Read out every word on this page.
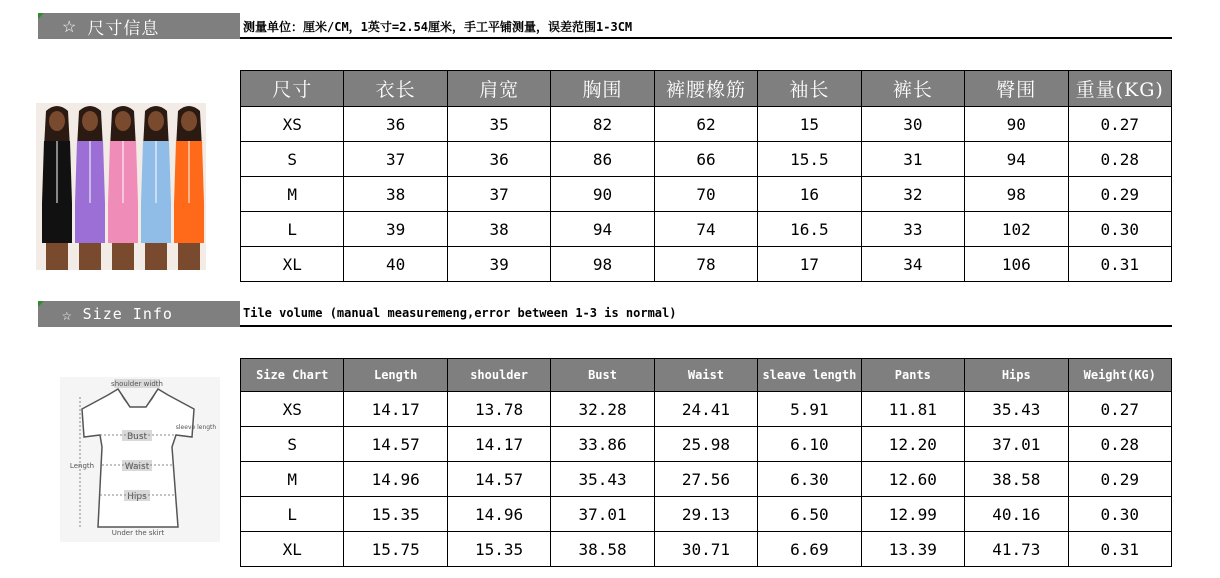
☆ 尺寸信息	测量单位：厘米/CM，1英寸=2.54厘米，手工平铺测量，误差范围1-3CM
尺寸	衣长	肩宽	胸围	裤腰橡筋	袖长	裤长	臀围	重量(KG)
XS	36	35	82	62	15	30	90	0.27
S	37	36	86	66	15.5	31	94	0.28
M	38	37	90	70	16	32	98	0.29
L	39	38	94	74	16.5	33	102	0.30
XL	40	39	98	78	17	34	106	0.31
☆ Size Info	Tile volume (manual measuremeng,error between 1-3 is normal)
shoulder width
Bust
Waist
Hips
Length
sleeve length
Under the skirt
Size Chart	Length	shoulder	Bust	Waist	sleave length	Pants	Hips	Weight(KG)
XS	14.17	13.78	32.28	24.41	5.91	11.81	35.43	0.27
S	14.57	14.17	33.86	25.98	6.10	12.20	37.01	0.28
M	14.96	14.57	35.43	27.56	6.30	12.60	38.58	0.29
L	15.35	14.96	37.01	29.13	6.50	12.99	40.16	0.30
XL	15.75	15.35	38.58	30.71	6.69	13.39	41.73	0.31
